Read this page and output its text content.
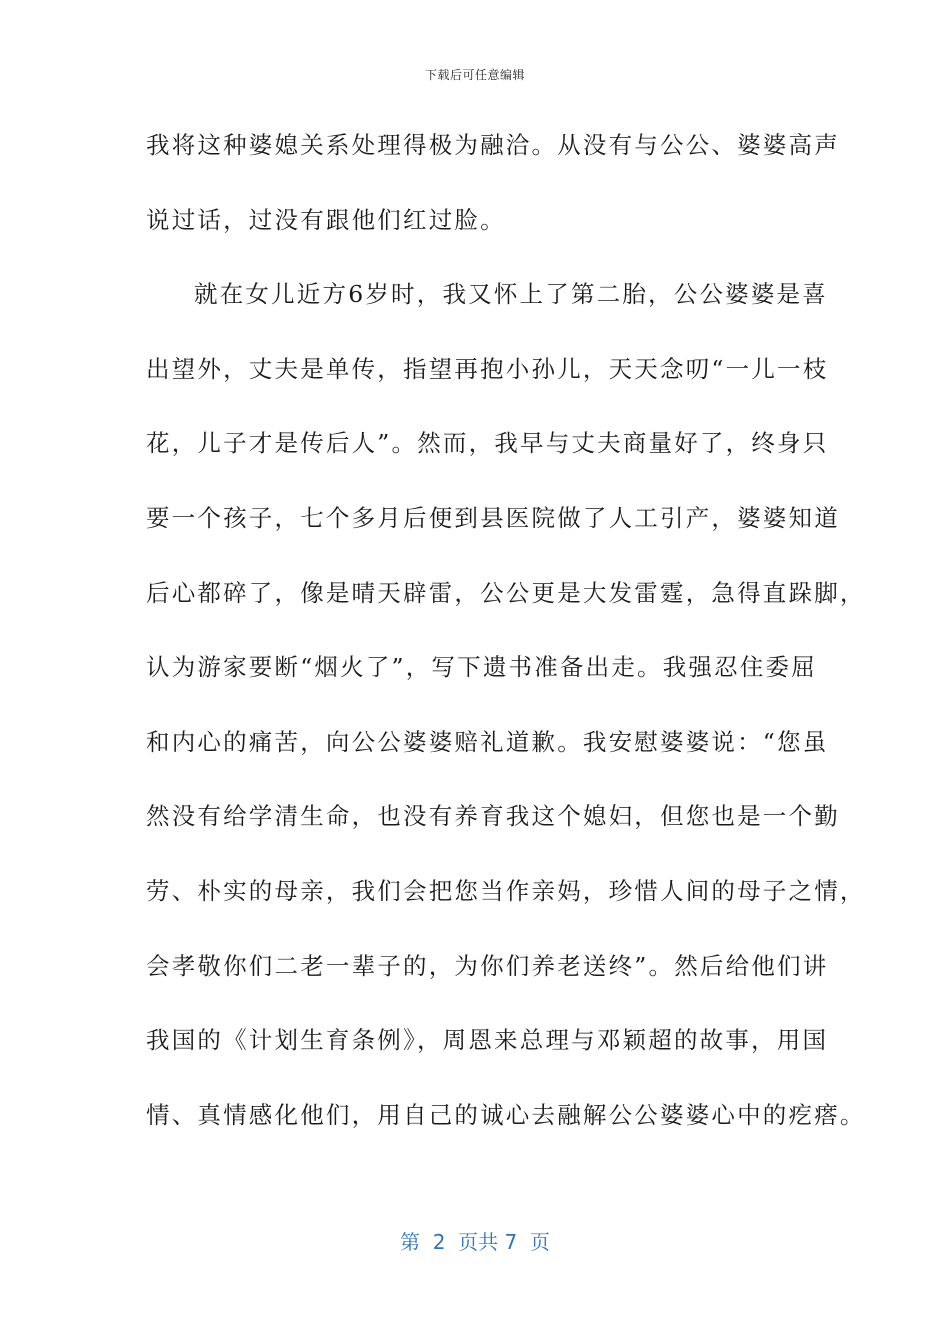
下载后可任意编辑
我将这种婆媳关系处理得极为融洽。从没有与公公、婆婆高声
说过话，过没有跟他们红过脸。
就在女儿近方6岁时，我又怀上了第二胎，公公婆婆是喜
出望外，丈夫是单传，指望再抱小孙儿，天天念叨“一儿一枝
花，儿子才是传后人”。然而，我早与丈夫商量好了，终身只
要一个孩子，七个多月后便到县医院做了人工引产，婆婆知道
后心都碎了，像是晴天辟雷，公公更是大发雷霆，急得直跺脚，
认为游家要断“烟火了”，写下遗书准备出走。我强忍住委屈
和内心的痛苦，向公公婆婆赔礼道歉。我安慰婆婆说：“您虽
然没有给学清生命，也没有养育我这个媳妇，但您也是一个勤
劳、朴实的母亲，我们会把您当作亲妈，珍惜人间的母子之情，
会孝敬你们二老一辈子的，为你们养老送终”。然后给他们讲
我国的《计划生育条例》，周恩来总理与邓颖超的故事，用国
情、真情感化他们，用自己的诚心去融解公公婆婆心中的疙瘩。
第  2  页共 7  页
